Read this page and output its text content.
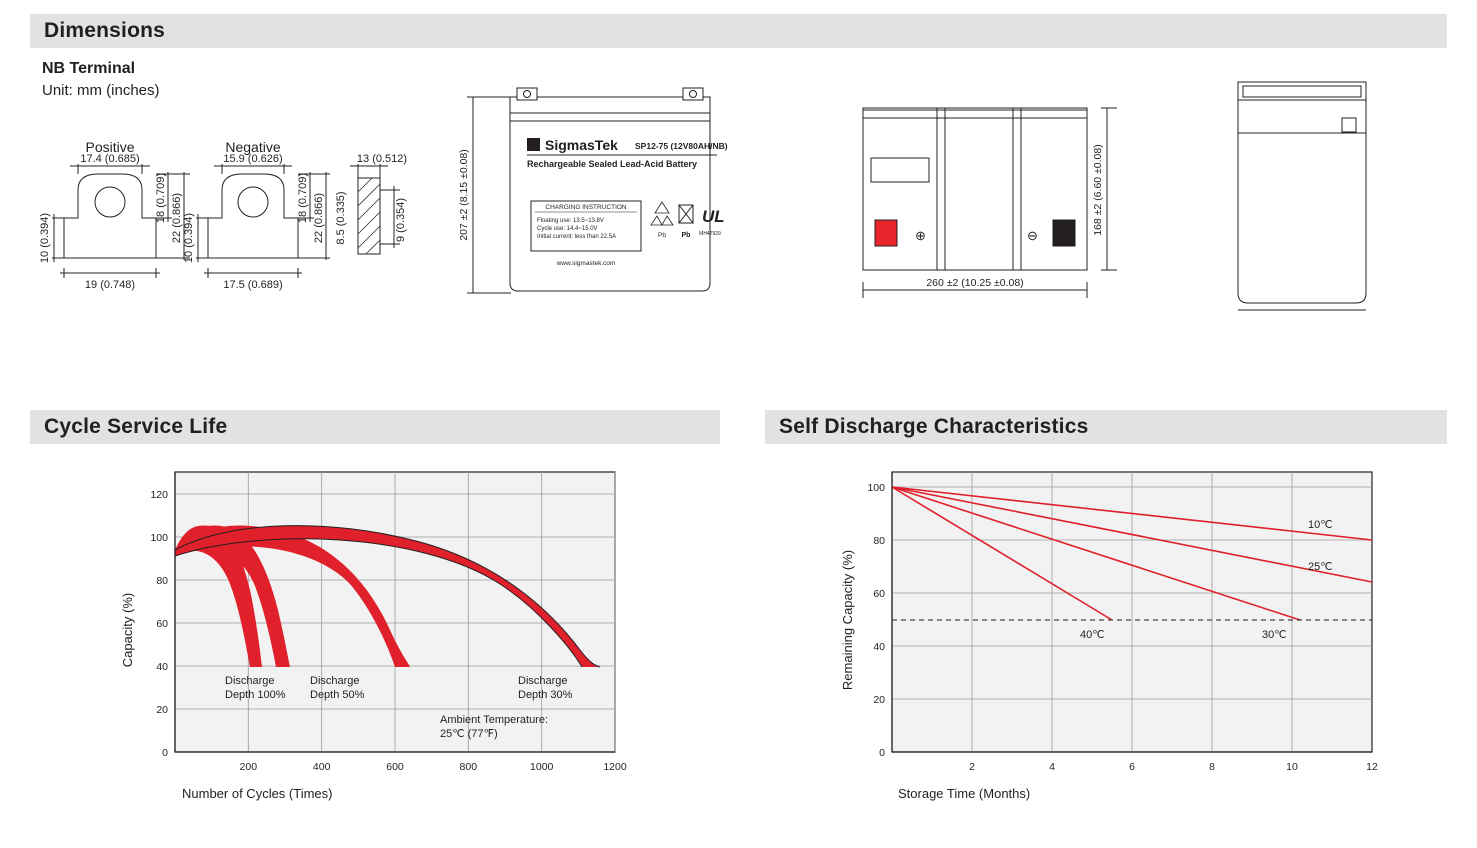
Dimensions
NB Terminal
Unit: mm (inches)
Positive	Negative
17.4 (0.685)	15.9 (0.626)	13 (0.512)
10 (0.394)	10 (0.394)
18 (0.709) 22 (0.866)	18 (0.709) 22 (0.866) 8.5 (0.335)	9 (0.354)
19 (0.748)	17.5 (0.689)
Σ SigmasTek SP12-75 (12V80AH/NB)
Rechargeable Sealed Lead-Acid Battery
CHARGING INSTRUCTION
Floating use: 13.5~13.8V
Cycle use: 14.4~15.0V
Initial current: less than 22.5A
www.sigmastek.com
Pb Pb
UL
MH47929
207 ±2 (8.15 ±0.08)	⊕	⊖	168 ±2 (6.60 ±0.08)
260 ±2 (10.25 ±0.08)
Cycle Service Life
0
20
40
60
80
100
120
200	400	600	800	1000	1200
Discharge
Depth 100%
Discharge
Depth 50%
Discharge
Depth 30%
Ambient Temperature:
25℃ (77℉)
Capacity (%)
Number of Cycles (Times)
Self Discharge Characteristics
0
20
40
60
80
100
2	4	6	8	10	12
10℃
25℃
30℃
40℃
Remaining Capacity (%)
Storage Time (Months)
